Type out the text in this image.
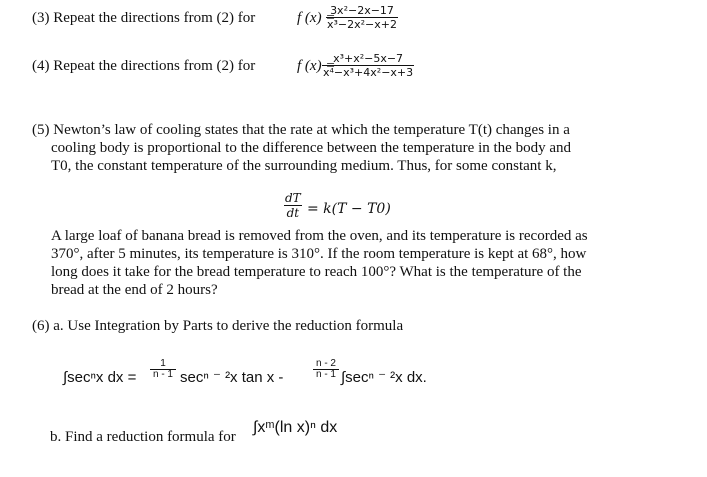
(3) Repeat the directions from (2) for	f (x) =
$\frac{\text{3x²−2x−17}}{\text{x³−2x²−x+2}}$
(4) Repeat the directions from (2) for	f (x) =
$\frac{\text{x³+x²−5x−7}}{\text{x⁴−x³+4x²−x+3}}$

(5) Newton’s law of cooling states that the rate at which the temperature T(t) changes in a

cooling body is proportional to the difference between the temperature in the body and

T0, the constant temperature of the surrounding medium. Thus, for some constant k,

$\frac{dT}{dt} = k(T - T0)$

A large loaf of banana bread is removed from the oven, and its temperature is recorded as

370°, after 5 minutes, its temperature is 310°. If the room temperature is kept at 68°, how

long does it take for the bread temperature to reach 100°? What is the temperature of the

bread at the end of 2 hours?

(6) a. Use Integration by Parts to derive the reduction formula
∫secⁿx dx = $\frac{1}{n - 1}$ secⁿ ⁻ ²x tan x -	$\frac{n - 2}{n - 1} \int\sec^n$ ⁻ ²x dx.
b. Find a reduction formula for
∫xᵐ(ln x)ⁿ dx
